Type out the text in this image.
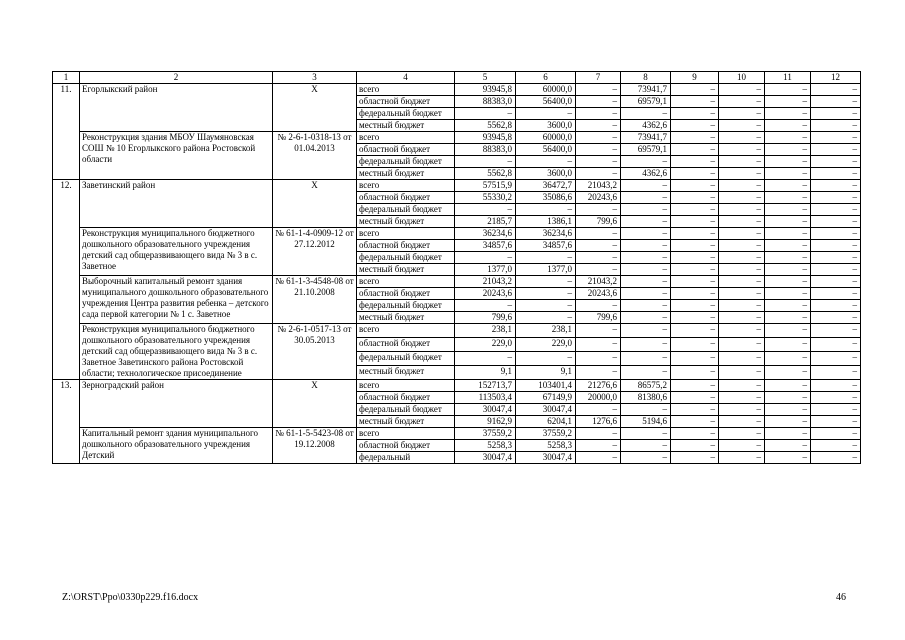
1	2	3	4	5	6	7	8	9	10	11	12
11.	Егорлыкский район	Х	всего	93945,8	60000,0	–	73941,7	–	–	–	–
			областной бюджет	88383,0	56400,0	–	69579,1	–	–	–	–
			федеральный бюджет	–	–	–	–	–	–	–	–
			местный бюджет	5562,8	3600,0	–	4362,6	–	–	–	–
	Реконструкция здания МБОУ Шаумяновская СОШ № 10 Егорлыкского района Ростовской области	№ 2-6-1-0318-13 от 01.04.2013	всего	93945,8	60000,0	–	73941,7	–	–	–	–
			областной бюджет	88383,0	56400,0	–	69579,1	–	–	–	–
			федеральный бюджет	–	–	–	–	–	–	–	–
			местный бюджет	5562,8	3600,0	–	4362,6	–	–	–	–
12.	Заветинский район	Х	всего	57515,9	36472,7	21043,2	–	–	–	–	–
			областной бюджет	55330,2	35086,6	20243,6	–	–	–	–	–
			федеральный бюджет	–	–	–	–	–	–	–	–
			местный бюджет	2185,7	1386,1	799,6	–	–	–	–	–
	Реконструкция муниципального бюджетного дошкольного образовательного учреждения детский сад общеразвивающего вида № 3 в с. Заветное	№ 61-1-4-0909-12 от 27.12.2012	всего	36234,6	36234,6	–	–	–	–	–	–
			областной бюджет	34857,6	34857,6	–	–	–	–	–	–
			федеральный бюджет	–	–	–	–	–	–	–	–
			местный бюджет	1377,0	1377,0	–	–	–	–	–	–
	Выборочный капитальный ремонт здания муниципального дошкольного образовательного учреждения Центра развития ребенка – детского сада первой категории № 1 с. Заветное	№ 61-1-3-4548-08 от 21.10.2008	всего	21043,2	–	21043,2	–	–	–	–	–
			областной бюджет	20243,6	–	20243,6	–	–	–	–	–
			федеральный бюджет	–	–	–	–	–	–	–	–
			местный бюджет	799,6	–	799,6	–	–	–	–	–
	Реконструкция муниципального бюджетного дошкольного образовательного учреждения детский сад общеразвивающего вида № 3 в с. Заветное Заветинского района Ростовской области; технологическое присоединение	№ 2-6-1-0517-13 от 30.05.2013	всего	238,1	238,1	–	–	–	–	–	–
			областной бюджет	229,0	229,0	–	–	–	–	–	–
			федеральный бюджет	–	–	–	–	–	–	–	–
			местный бюджет	9,1	9,1	–	–	–	–	–	–
13.	Зерноградский район	Х	всего	152713,7	103401,4	21276,6	86575,2	–	–	–	–
			областной бюджет	113503,4	67149,9	20000,0	81380,6	–	–	–	–
			федеральный бюджет	30047,4	30047,4	–	–	–	–	–	–
			местный бюджет	9162,9	6204,1	1276,6	5194,6	–	–	–	–
	Капитальный ремонт здания муниципального дошкольного образовательного учреждения Детский	№ 61-1-5-5423-08 от 19.12.2008	всего	37559,2	37559,2	–	–	–	–	–	–
			областной бюджет	5258,3	5258,3	–	–	–	–	–	–
			федеральный	30047,4	30047,4	–	–	–	–	–	–
Z:\ORST\Ppo\0330p229.f16.docx	46
